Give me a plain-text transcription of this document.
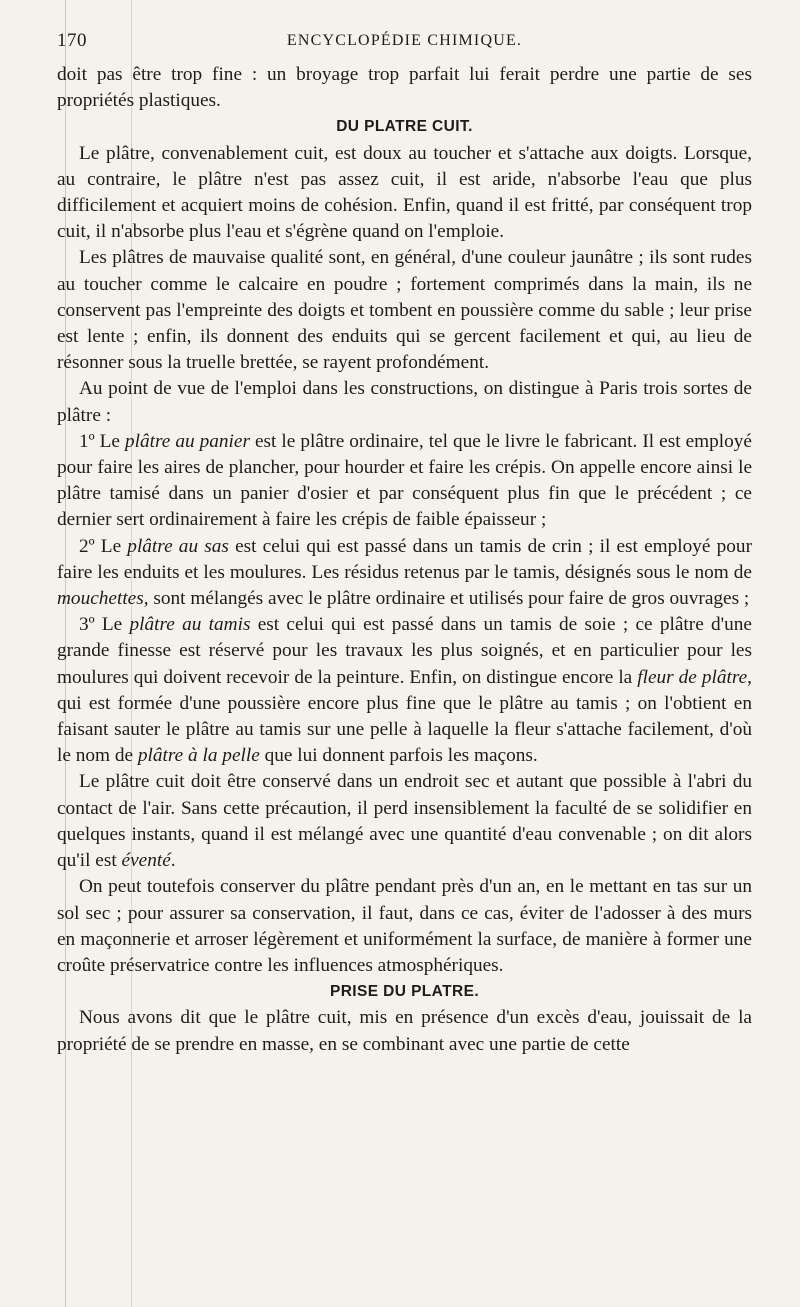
170	ENCYCLOPÉDIE CHIMIQUE.

doit pas être trop fine : un broyage trop parfait lui ferait perdre une partie de ses propriétés plastiques.

DU PLATRE CUIT.

Le plâtre, convenablement cuit, est doux au toucher et s'attache aux doigts. Lorsque, au contraire, le plâtre n'est pas assez cuit, il est aride, n'absorbe l'eau que plus difficilement et acquiert moins de cohésion. Enfin, quand il est fritté, par conséquent trop cuit, il n'absorbe plus l'eau et s'égrène quand on l'emploie.

Les plâtres de mauvaise qualité sont, en général, d'une couleur jaunâtre ; ils sont rudes au toucher comme le calcaire en poudre ; fortement comprimés dans la main, ils ne conservent pas l'empreinte des doigts et tombent en poussière comme du sable ; leur prise est lente ; enfin, ils donnent des enduits qui se gercent facilement et qui, au lieu de résonner sous la truelle brettée, se rayent profondément.

Au point de vue de l'emploi dans les constructions, on distingue à Paris trois sortes de plâtre :

1º Le plâtre au panier est le plâtre ordinaire, tel que le livre le fabricant. Il est employé pour faire les aires de plancher, pour hourder et faire les crépis. On appelle encore ainsi le plâtre tamisé dans un panier d'osier et par conséquent plus fin que le précédent ; ce dernier sert ordinairement à faire les crépis de faible épaisseur ;

2º Le plâtre au sas est celui qui est passé dans un tamis de crin ; il est employé pour faire les enduits et les moulures. Les résidus retenus par le tamis, désignés sous le nom de mouchettes, sont mélangés avec le plâtre ordinaire et utilisés pour faire de gros ouvrages ;

3º Le plâtre au tamis est celui qui est passé dans un tamis de soie ; ce plâtre d'une grande finesse est réservé pour les travaux les plus soignés, et en particulier pour les moulures qui doivent recevoir de la peinture. Enfin, on distingue encore la fleur de plâtre, qui est formée d'une poussière encore plus fine que le plâtre au tamis ; on l'obtient en faisant sauter le plâtre au tamis sur une pelle à laquelle la fleur s'attache facilement, d'où le nom de plâtre à la pelle que lui donnent parfois les maçons.

Le plâtre cuit doit être conservé dans un endroit sec et autant que possible à l'abri du contact de l'air. Sans cette précaution, il perd insensiblement la faculté de se solidifier en quelques instants, quand il est mélangé avec une quantité d'eau convenable ; on dit alors qu'il est éventé.

On peut toutefois conserver du plâtre pendant près d'un an, en le mettant en tas sur un sol sec ; pour assurer sa conservation, il faut, dans ce cas, éviter de l'adosser à des murs en maçonnerie et arroser légèrement et uniformément la surface, de manière à former une croûte préservatrice contre les influences atmosphériques.

PRISE DU PLATRE.

Nous avons dit que le plâtre cuit, mis en présence d'un excès d'eau, jouissait de la propriété de se prendre en masse, en se combinant avec une partie de cette
